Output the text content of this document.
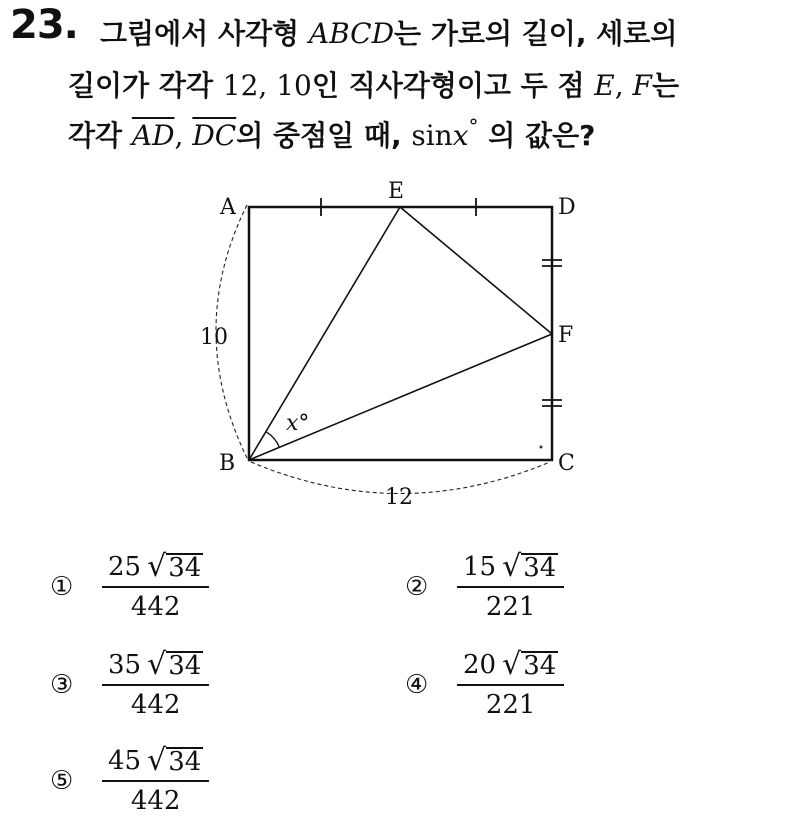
23. 그림에서 사각형 ABCD는 가로의 길이, 세로의
길이가 각각 12, 10인 직사각형이고 두 점 E, F는
각각 $\overline{AD}$, $\overline{DC}$의 중점일 때, sinx° 의 값은?
A
E
D
F
B	C
10
12
x°
①	$\frac{25 √ 34}{442}$	②	$\frac{15 √ 34}{221}$
③	$\frac{35 √ 34}{442}$	④	$\frac{20 √ 34}{221}$
⑤	$\frac{45 √ 34}{442}$
